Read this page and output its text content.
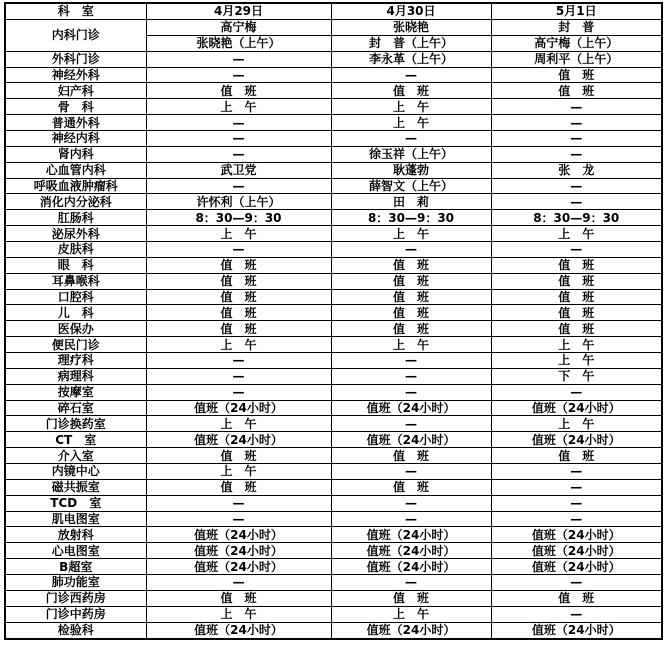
科　室	4月29日	4月30日	5月1日
内科门诊	高宁梅	张晓艳	封　普
	张晓艳（上午）	封　普（上午）	高宁梅（上午）
外科门诊	—	李永革（上午）	周利平（上午）
神经外科	—	—	值　班
妇产科	值　班	值　班	值　班
骨　科	上　午	上　午	—
普通外科	—	上　午	—
神经内科	—	—	—
肾内科	—	徐玉祥（上午）	—
心血管内科	武卫党	耿蓬勃	张　龙
呼吸血液肿瘤科	—	薛智文（上午）	—
消化内分泌科	许怀利（上午）	田　莉	—
肛肠科	8：30—9：30	8：30—9：30	8：30—9：30
泌尿外科	上　午	上　午	上　午
皮肤科	—	—	—
眼　科	值　班	值　班	值　班
耳鼻喉科	值　班	值　班	值　班
口腔科	值　班	值　班	值　班
儿　科	值　班	值　班	值　班
医保办	值　班	值　班	值　班
便民门诊	上　午	上　午	上　午
理疗科	—	—	上　午
病理科	—	—	下　午
按摩室	—	—	—
碎石室	值班（24小时）	值班（24小时）	值班（24小时）
门诊换药室	上　午	—	上　午
CT　室	值班（24小时）	值班（24小时）	值班（24小时）
介入室	值　班	值　班	值　班
内镜中心	上　午	—	—
磁共振室	值　班	值　班	—
TCD　室	—	—	—
肌电图室	—	—	—
放射科	值班（24小时）	值班（24小时）	值班（24小时）
心电图室	值班（24小时）	值班（24小时）	值班（24小时）
B超室	值班（24小时）	值班（24小时）	值班（24小时）
肺功能室	—	—	—
门诊西药房	值　班	值　班	值　班
门诊中药房	上　午	上　午	—
检验科	值班（24小时）	值班（24小时）	值班（24小时）
